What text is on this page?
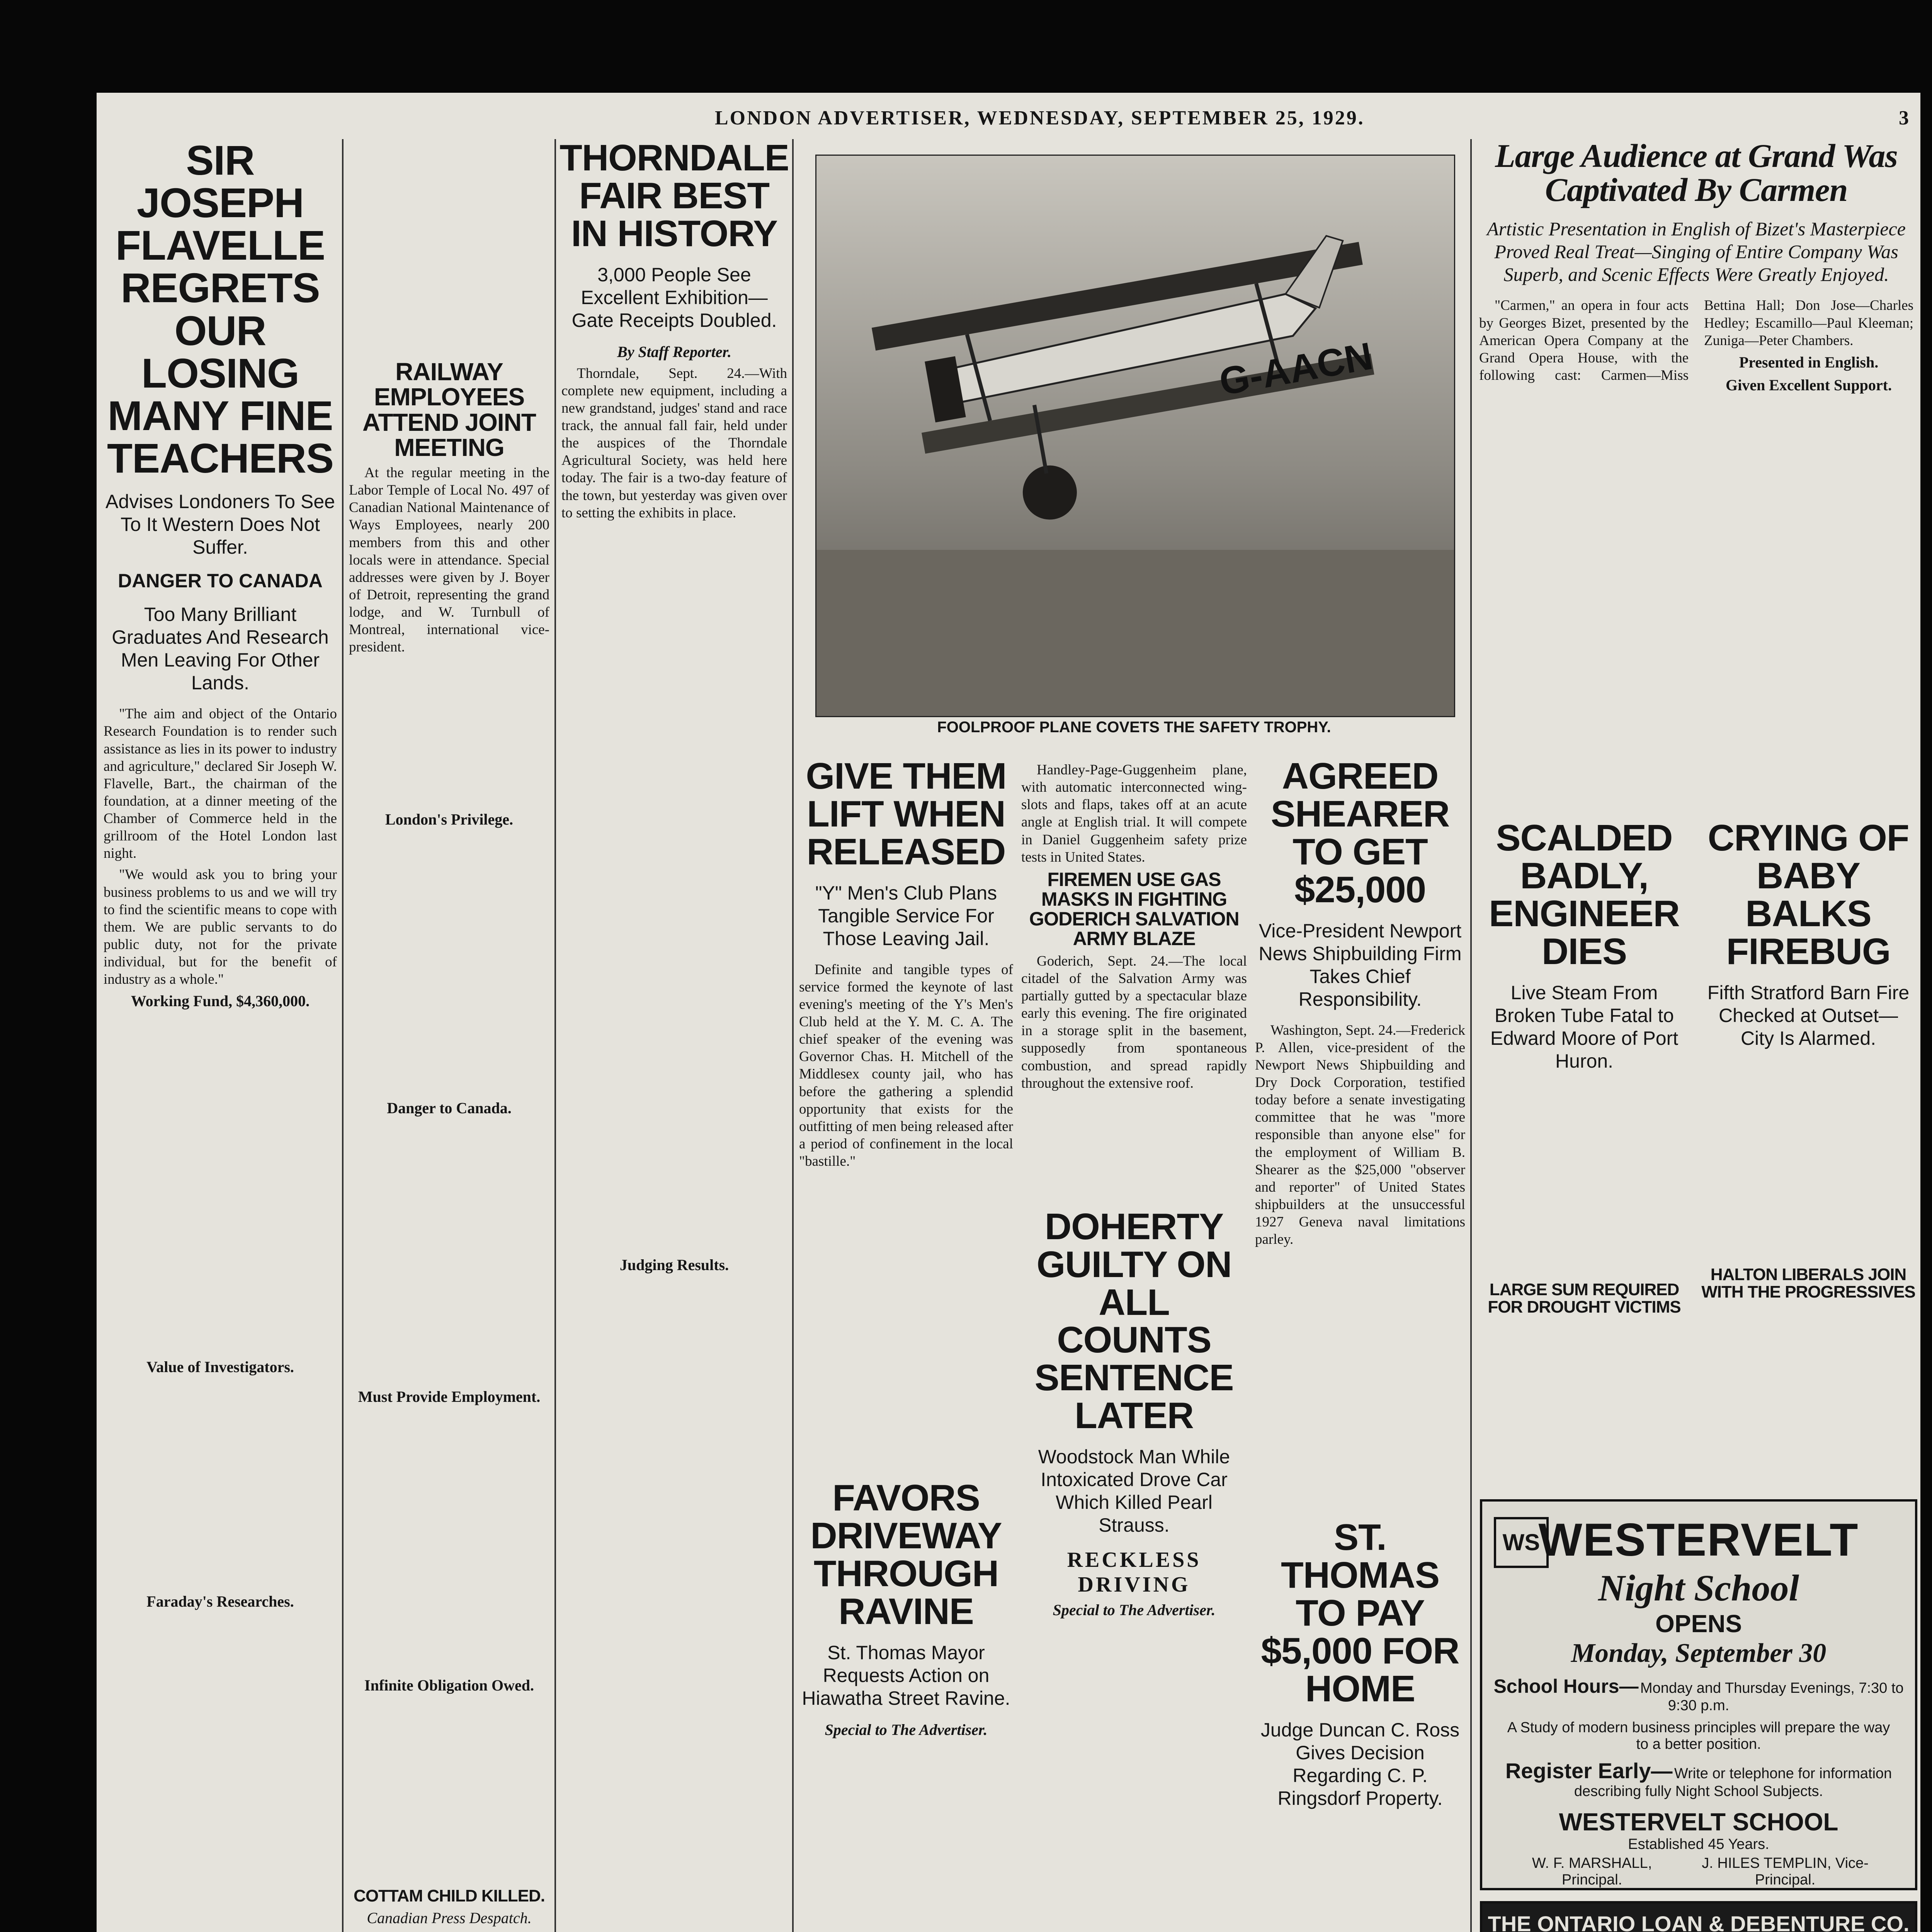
LONDON ADVERTISER, WEDNESDAY, SEPTEMBER 25, 1929.	3
SIR JOSEPH FLAVELLE REGRETS OUR LOSING MANY FINE TEACHERS
Advises Londoners To See To It Western Does Not Suffer.
DANGER TO CANADA
Too Many Brilliant Graduates And Research Men Leaving For Other Lands.

"The aim and object of the Ontario Research Foundation is to render such assistance as lies in its power to industry and agriculture," declared Sir Joseph W. Flavelle, Bart., the chairman of the foundation, at a dinner meeting of the Chamber of Commerce held in the grillroom of the Hotel London last night.

"We would ask you to bring your business problems to us and we will try to find the scientific means to cope with them. We are public servants to do public duty, not for the private individual, but for the benefit of industry as a whole."

Working Fund, $4,360,000.
Value of Investigators.
Faraday's Researches.
RAILWAY EMPLOYEES ATTEND JOINT MEETING

At the regular meeting in the Labor Temple of Local No. 497 of Canadian National Maintenance of Ways Employees, nearly 200 members from this and other locals were in attendance. Special addresses were given by J. Boyer of Detroit, representing the grand lodge, and W. Turnbull of Montreal, international vice-president.

London's Privilege.
Danger to Canada.
Must Provide Employment.
Infinite Obligation Owed.
COTTAM CHILD KILLED.
Canadian Press Despatch.
THORNDALE FAIR BEST IN HISTORY
3,000 People See Excellent Exhibition—Gate Receipts Doubled.
By Staff Reporter.

Thorndale, Sept. 24.—With complete new equipment, including a new grandstand, judges' stand and race track, the annual fall fair, held under the auspices of the Thorndale Agricultural Society, was held here today. The fair is a two-day feature of the town, but yesterday was given over to setting the exhibits in place.

Judging Results.
G-AACN
FOOLPROOF PLANE COVETS THE SAFETY TROPHY.
GIVE THEM LIFT WHEN RELEASED
"Y" Men's Club Plans Tangible Service For Those Leaving Jail.

Definite and tangible types of service formed the keynote of last evening's meeting of the Y's Men's Club held at the Y. M. C. A. The chief speaker of the evening was Governor Chas. H. Mitchell of the Middlesex county jail, who has before the gathering a splendid opportunity that exists for the outfitting of men being released after a period of confinement in the local "bastille."

FAVORS DRIVEWAY THROUGH RAVINE
St. Thomas Mayor Requests Action on Hiawatha Street Ravine.
Special to The Advertiser.

Handley-Page-Guggenheim plane, with automatic interconnected wing-slots and flaps, takes off at an acute angle at English trial. It will compete in Daniel Guggenheim safety prize tests in United States.

FIREMEN USE GAS MASKS IN FIGHTING GODERICH SALVATION ARMY BLAZE

Goderich, Sept. 24.—The local citadel of the Salvation Army was partially gutted by a spectacular blaze early this evening. The fire originated in a storage split in the basement, supposedly from spontaneous combustion, and spread rapidly throughout the extensive roof.

DOHERTY GUILTY ON ALL COUNTS SENTENCE LATER
Woodstock Man While Intoxicated Drove Car Which Killed Pearl Strauss.
RECKLESS DRIVING
Special to The Advertiser.
AGREED SHEARER TO GET $25,000
Vice-President Newport News Shipbuilding Firm Takes Chief Responsibility.

Washington, Sept. 24.—Frederick P. Allen, vice-president of the Newport News Shipbuilding and Dry Dock Corporation, testified today before a senate investigating committee that he was "more responsible than anyone else" for the employment of William B. Shearer as the $25,000 "observer and reporter" of United States shipbuilders at the unsuccessful 1927 Geneva naval limitations parley.

ST. THOMAS TO PAY $5,000 FOR HOME
Judge Duncan C. Ross Gives Decision Regarding C. P. Ringsdorf Property.
Large Audience at Grand Was Captivated By Carmen
Artistic Presentation in English of Bizet's Masterpiece Proved Real Treat—Singing of Entire Company Was Superb, and Scenic Effects Were Greatly Enjoyed.

"Carmen," an opera in four acts by Georges Bizet, presented by the American Opera Company at the Grand Opera House, with the following cast: Carmen—Miss Bettina Hall; Don Jose—Charles Hedley; Escamillo—Paul Kleeman; Zuniga—Peter Chambers.

Presented in English.
Given Excellent Support.
SCALDED BADLY, ENGINEER DIES
Live Steam From Broken Tube Fatal to Edward Moore of Port Huron.
LARGE SUM REQUIRED FOR DROUGHT VICTIMS
CRYING OF BABY BALKS FIREBUG
Fifth Stratford Barn Fire Checked at Outset—City Is Alarmed.
HALTON LIBERALS JOIN WITH THE PROGRESSIVES
WS
WESTERVELT
Night School
OPENS
Monday, September 30
School Hours— Monday and Thursday Evenings, 7:30 to 9:30 p.m.
A Study of modern business principles will prepare the way to a better position.
Register Early— Write or telephone for information describing fully Night School Subjects.
WESTERVELT SCHOOL
Established 45 Years.
W. F. MARSHALL, Principal.
J. HILES TEMPLIN, Vice-Principal.
THE ONTARIO LOAN & DEBENTURE CO.
